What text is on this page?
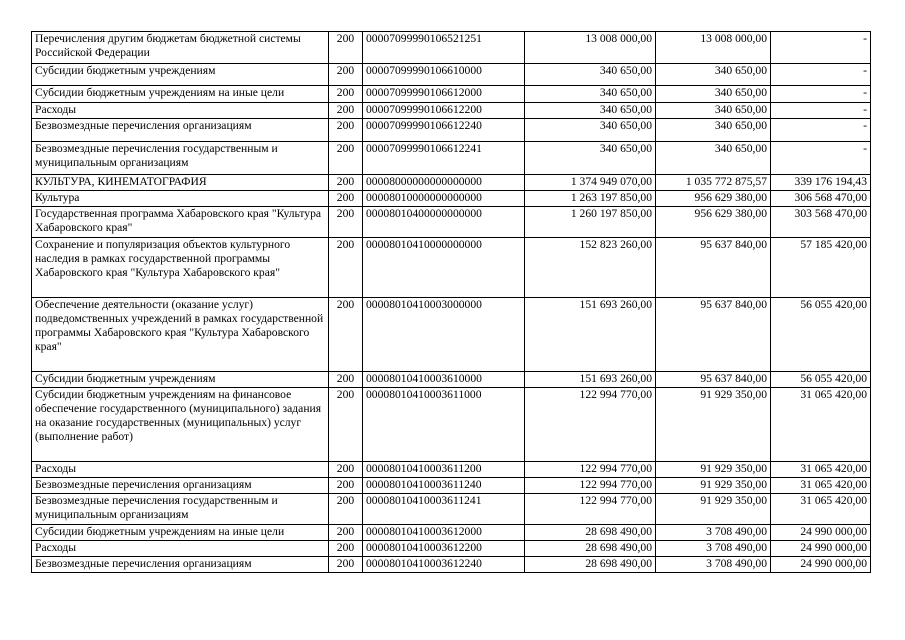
Перечисления другим бюджетам бюджетной системы Российской Федерации	200	00007099990106521251	13 008 000,00	13 008 000,00	-
Субсидии бюджетным учреждениям	200	00007099990106610000	340 650,00	340 650,00	-
Субсидии бюджетным учреждениям на иные цели	200	00007099990106612000	340 650,00	340 650,00	-
Расходы	200	00007099990106612200	340 650,00	340 650,00	-
Безвозмездные перечисления организациям	200	00007099990106612240	340 650,00	340 650,00	-
Безвозмездные перечисления государственным и муниципальным организациям	200	00007099990106612241	340 650,00	340 650,00	-
КУЛЬТУРА, КИНЕМАТОГРАФИЯ	200	00008000000000000000	1 374 949 070,00	1 035 772 875,57	339 176 194,43
Культура	200	00008010000000000000	1 263 197 850,00	956 629 380,00	306 568 470,00
Государственная программа Хабаровского края "Культура Хабаровского края"	200	00008010400000000000	1 260 197 850,00	956 629 380,00	303 568 470,00
Сохранение и популяризация объектов культурного наследия в рамках государственной программы Хабаровского края "Культура Хабаровского края"	200	00008010410000000000	152 823 260,00	95 637 840,00	57 185 420,00
Обеспечение деятельности (оказание услуг) подведомственных учреждений в рамках государственной программы Хабаровского края "Культура Хабаровского края"	200	00008010410003000000	151 693 260,00	95 637 840,00	56 055 420,00
Субсидии бюджетным учреждениям	200	00008010410003610000	151 693 260,00	95 637 840,00	56 055 420,00
Субсидии бюджетным учреждениям на финансовое обеспечение государственного (муниципального) задания на оказание государственных (муниципальных) услуг (выполнение работ)	200	00008010410003611000	122 994 770,00	91 929 350,00	31 065 420,00
Расходы	200	00008010410003611200	122 994 770,00	91 929 350,00	31 065 420,00
Безвозмездные перечисления организациям	200	00008010410003611240	122 994 770,00	91 929 350,00	31 065 420,00
Безвозмездные перечисления государственным и муниципальным организациям	200	00008010410003611241	122 994 770,00	91 929 350,00	31 065 420,00
Субсидии бюджетным учреждениям на иные цели	200	00008010410003612000	28 698 490,00	3 708 490,00	24 990 000,00
Расходы	200	00008010410003612200	28 698 490,00	3 708 490,00	24 990 000,00
Безвозмездные перечисления организациям	200	00008010410003612240	28 698 490,00	3 708 490,00	24 990 000,00
